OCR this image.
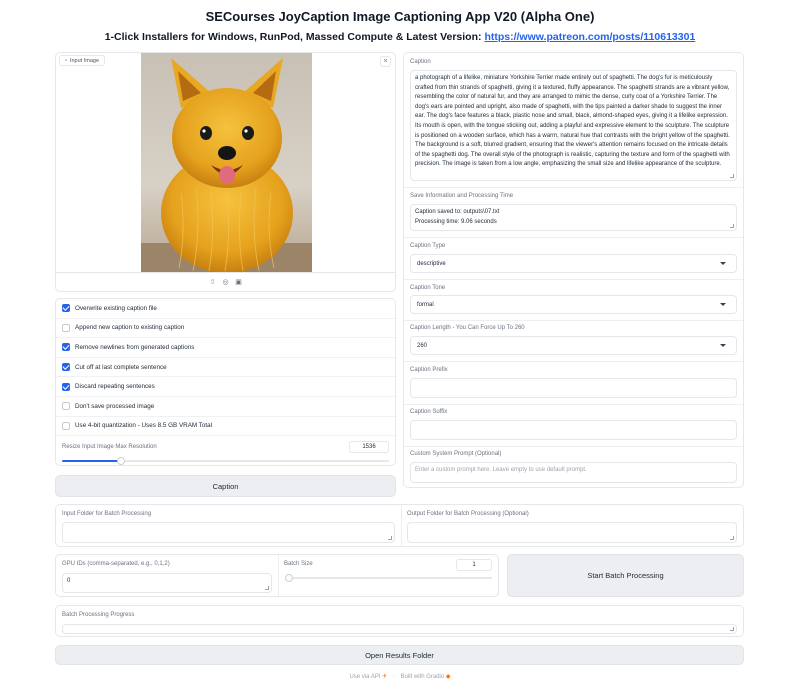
SECourses JoyCaption Image Captioning App V20 (Alpha One)
1-Click Installers for Windows, RunPod, Massed Compute & Latest Version: https://www.patreon.com/posts/110613301
▫ Input Image	×
⇧ ◎ ▣
Resize Input Image Max Resolution	1536
Overwrite existing caption file
Append new caption to existing caption
Remove newlines from generated captions
Cut off at last complete sentence
Discard repeating sentences
Don't save processed image
Use 4-bit quantization - Uses 8.5 GB VRAM Total
Caption
Caption
a photograph of a lifelike, miniature Yorkshire Terrier made entirely out of spaghetti. The dog's fur is meticulously crafted from thin strands of spaghetti, giving it a textured, fluffy appearance. The spaghetti strands are a vibrant yellow, resembling the color of natural fur, and they are arranged to mimic the dense, curly coat of a Yorkshire Terrier. The dog's ears are pointed and upright, also made of spaghetti, with the tips painted a darker shade to suggest the inner ear. The dog's face features a black, plastic nose and small, black, almond-shaped eyes, giving it a lifelike expression. Its mouth is open, with the tongue sticking out, adding a playful and expressive element to the sculpture. The sculpture is positioned on a wooden surface, which has a warm, natural hue that contrasts with the bright yellow of the spaghetti. The background is a soft, blurred gradient, ensuring that the viewer's attention remains focused on the intricate details of the spaghetti dog. The overall style of the photograph is realistic, capturing the texture and form of the spaghetti with precision. The image is taken from a low angle, emphasizing the small size and lifelike appearance of the sculpture.
Save Information and Processing Time
Caption saved to: outputs\07.txt
Processing time: 9.06 seconds
Caption Type
descriptive
Caption Tone
formal
Caption Length - You Can Force Up To 260
260
Caption Prefix
Caption Suffix
Custom System Prompt (Optional)
Enter a custom prompt here. Leave empty to use default prompt.
Input Folder for Batch Processing	Output Folder for Batch Processing (Optional)
GPU IDs (comma-separated, e.g., 0,1,2)
0
Batch Size	1
Start Batch Processing
Batch Processing Progress
Open Results Folder
Use via API ✈ · Built with Gradio ◆
